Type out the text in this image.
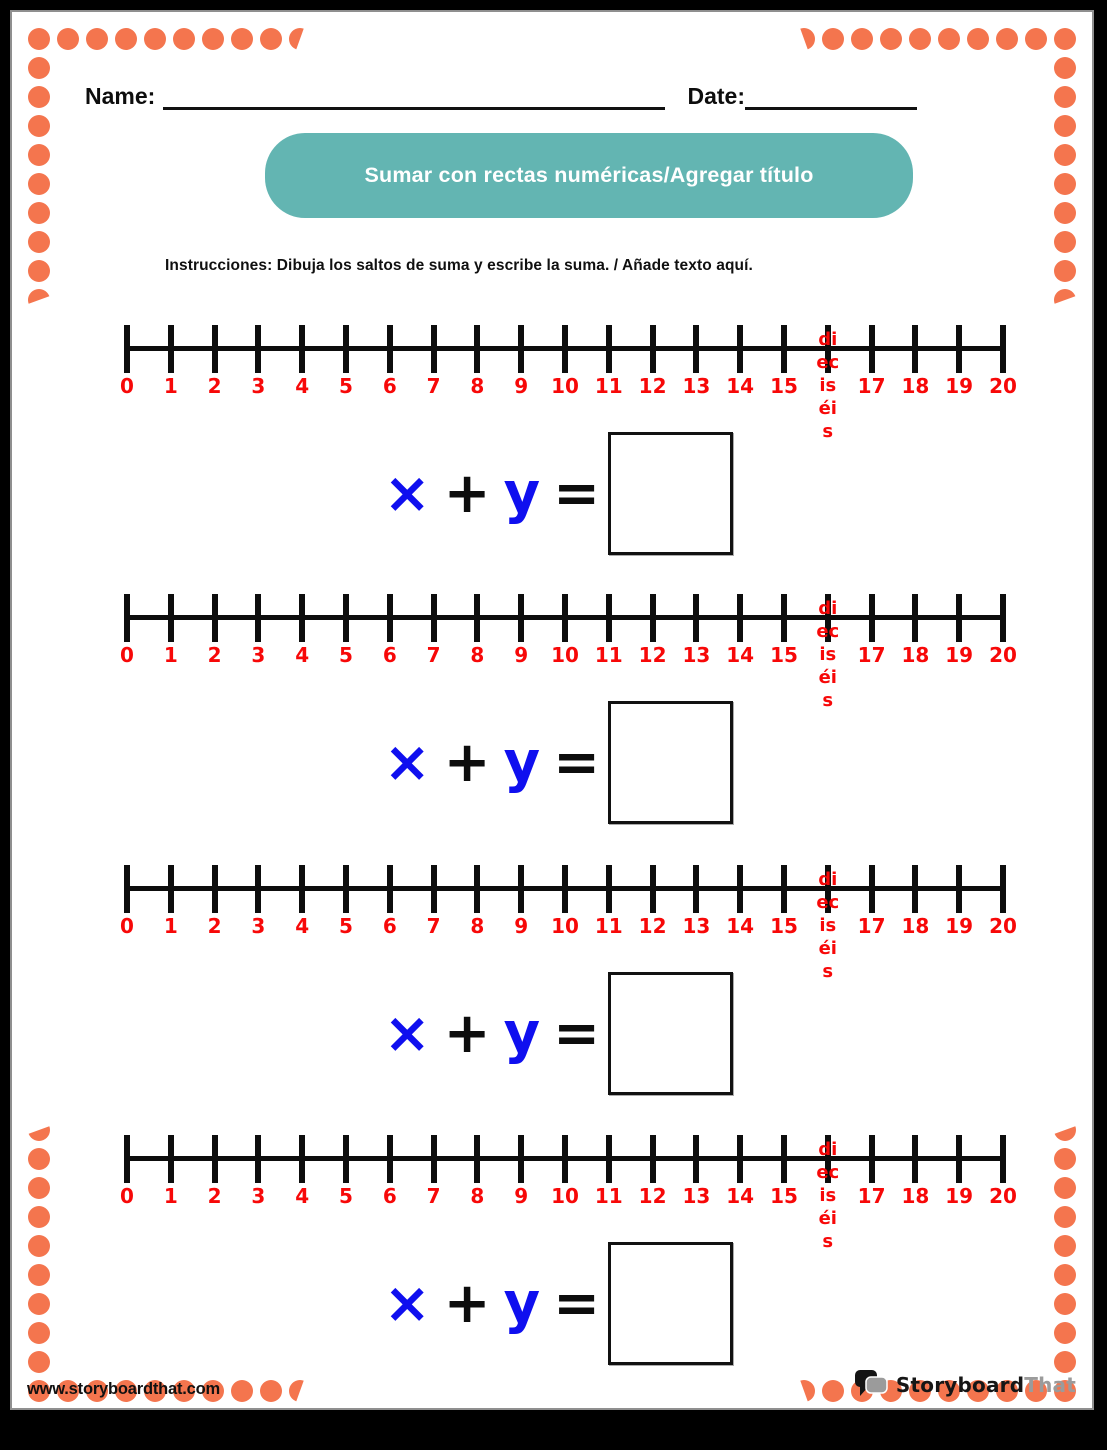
Name:	Date:
Sumar con rectas numéricas/Agregar título
Instrucciones: Dibuja los saltos de suma y escribe la suma. / Añade texto aquí.
0 1 2 3 4 5 6 7 8 9 10 11 12 13 14 15
di
ec
is
éi
s
17 18 19 20
× + y =
0 1 2 3 4 5 6 7 8 9 10 11 12 13 14 15
di
ec
is
éi
s
17 18 19 20
× + y =
0 1 2 3 4 5 6 7 8 9 10 11 12 13 14 15
di
ec
is
éi
s
17 18 19 20
× + y =
0 1 2 3 4 5 6 7 8 9 10 11 12 13 14 15
di
ec
is
éi
s
17 18 19 20
× + y =
www.storyboardthat.com	StoryboardThat
